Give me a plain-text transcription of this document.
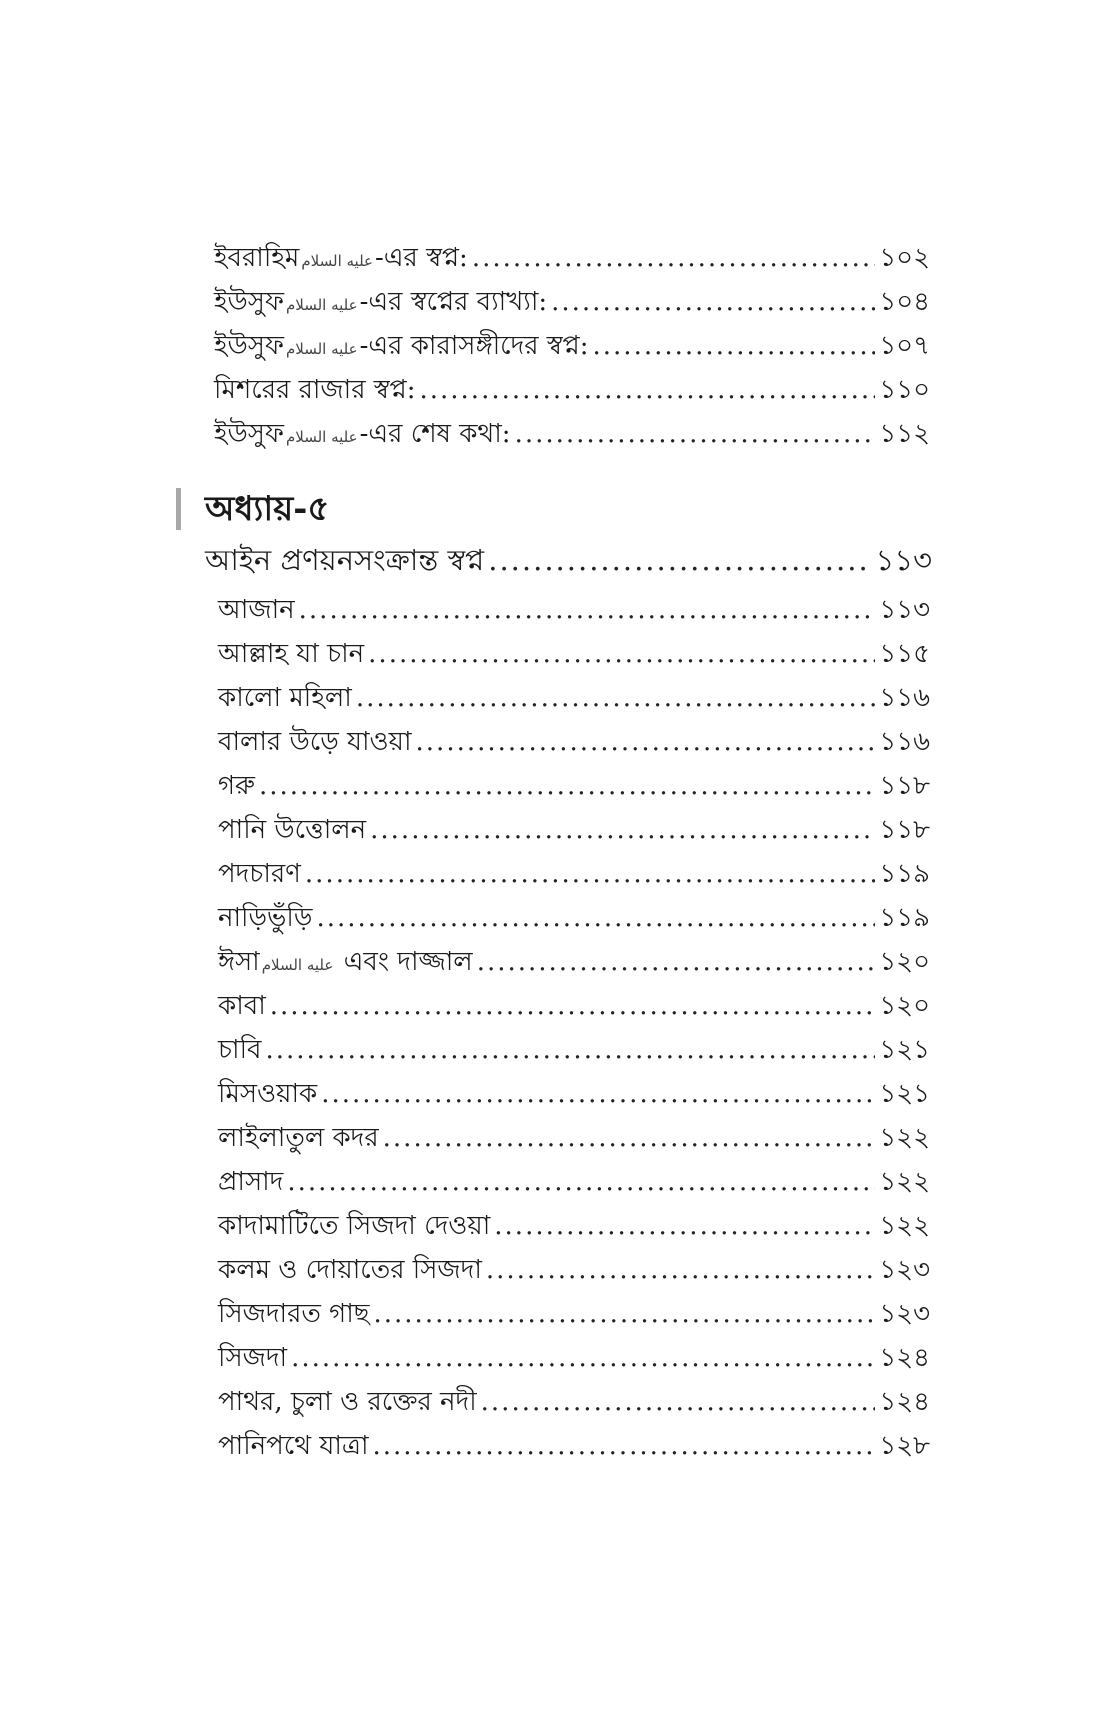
ইবরাহিম عليه السلام-এর স্বপ্ন: .....	১০২
ইউসুফ عليه السلام-এর স্বপ্নের ব্যাখ্যা: .....	১০৪
ইউসুফ عليه السلام-এর কারাসঙ্গীদের স্বপ্ন: .....	১০৭
মিশরের রাজার স্বপ্ন: .....	১১০
ইউসুফ عليه السلام-এর শেষ কথা: .....	১১২
অধ্যায়-৫
আইন প্রণয়নসংক্রান্ত স্বপ্ন .....	১১৩
আজান .....	১১৩
আল্লাহ যা চান .....	১১৫
কালো মহিলা .....	১১৬
বালার উড়ে যাওয়া .....	১১৬
গরু .....	১১৮
পানি উত্তোলন .....	১১৮
পদচারণ .....	১১৯
নাড়িভুঁড়ি .....	১১৯
ঈসা عليه السلام এবং দাজ্জাল .....	১২০
কাবা .....	১২০
চাবি .....	১২১
মিসওয়াক .....	১২১
লাইলাতুল কদর .....	১২২
প্রাসাদ .....	১২২
কাদামাটিতে সিজদা দেওয়া .....	১২২
কলম ও দোয়াতের সিজদা .....	১২৩
সিজদারত গাছ .....	১২৩
সিজদা .....	১২৪
পাথর, চুলা ও রক্তের নদী .....	১২৪
পানিপথে যাত্রা .....	১২৮
